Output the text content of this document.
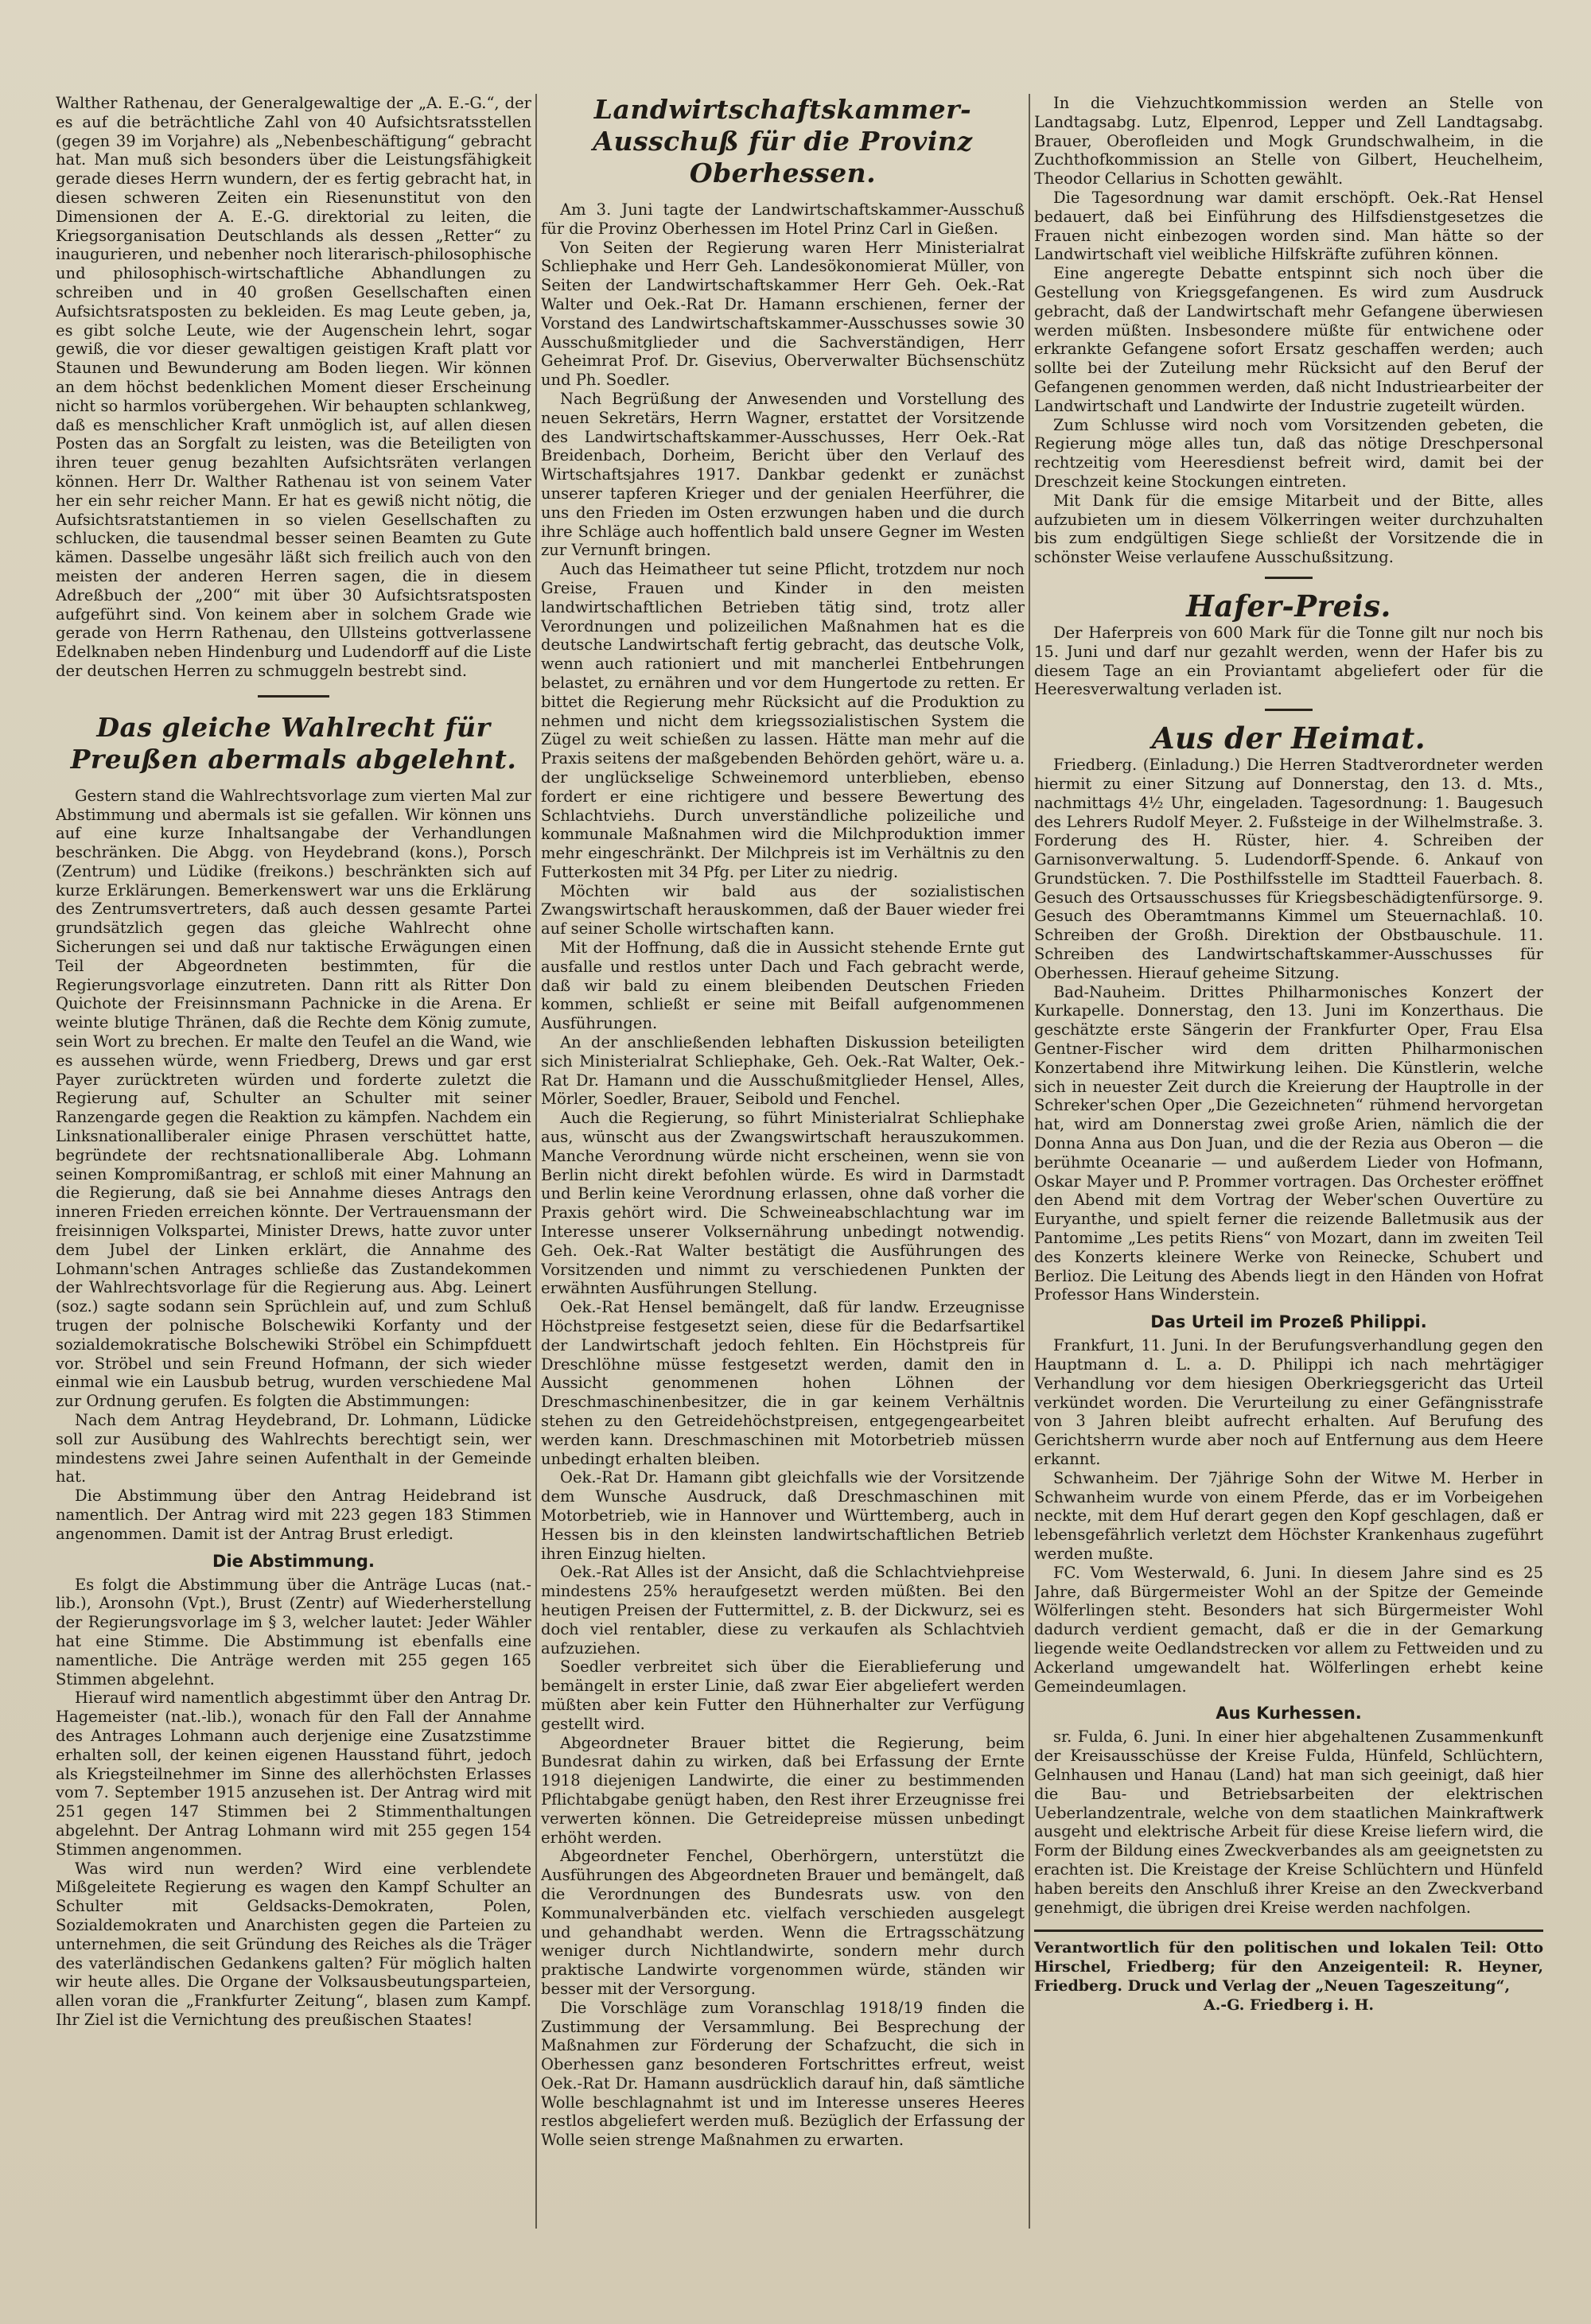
Walther Rathenau, der Generalgewaltige der „A. E.-G.“, der es auf die beträchtliche Zahl von 40 Aufsichtsratsstellen (gegen 39 im Vorjahre) als „Nebenbeschäftigung“ gebracht hat. Man muß sich besonders über die Leistungsfähigkeit gerade dieses Herrn wundern, der es fertig gebracht hat, in diesen schweren Zeiten ein Riesenunstitut von den Dimensionen der A. E.-G. direktorial zu leiten, die Kriegsorganisation Deutschlands als dessen „Retter“ zu inaugurieren, und nebenher noch literarisch-philosophische und philosophisch-wirtschaftliche Abhandlungen zu schreiben und in 40 großen Gesellschaften einen Aufsichtsratsposten zu bekleiden. Es mag Leute geben, ja, es gibt solche Leute, wie der Augenschein lehrt, sogar gewiß, die vor dieser gewaltigen geistigen Kraft platt vor Staunen und Bewunderung am Boden liegen. Wir können an dem höchst bedenklichen Moment dieser Erscheinung nicht so harmlos vorübergehen. Wir behaupten schlankweg, daß es menschlicher Kraft unmöglich ist, auf allen diesen Posten das an Sorgfalt zu leisten, was die Beteiligten von ihren teuer genug bezahlten Aufsichtsräten verlangen können. Herr Dr. Walther Rathenau ist von seinem Vater her ein sehr reicher Mann. Er hat es gewiß nicht nötig, die Aufsichtsratstantiemen in so vielen Gesellschaften zu schlucken, die tausendmal besser seinen Beamten zu Gute kämen. Dasselbe ungesähr läßt sich freilich auch von den meisten der anderen Herren sagen, die in diesem Adreßbuch der „200“ mit über 30 Aufsichtsratsposten aufgeführt sind. Von keinem aber in solchem Grade wie gerade von Herrn Rathenau, den Ullsteins gottverlassene Edelknaben neben Hindenburg und Ludendorff auf die Liste der deutschen Herren zu schmuggeln bestrebt sind.

Das gleiche Wahlrecht für Preußen abermals abgelehnt.

Gestern stand die Wahlrechtsvorlage zum vierten Mal zur Abstimmung und abermals ist sie gefallen. Wir können uns auf eine kurze Inhaltsangabe der Verhandlungen beschränken. Die Abgg. von Heydebrand (kons.), Porsch (Zentrum) und Lüdike (freikons.) beschränkten sich auf kurze Erklärungen. Bemerkenswert war uns die Erklärung des Zentrumsvertreters, daß auch dessen gesamte Partei grundsätzlich gegen das gleiche Wahlrecht ohne Sicherungen sei und daß nur taktische Erwägungen einen Teil der Abgeordneten bestimmten, für die Regierungsvorlage einzutreten. Dann ritt als Ritter Don Quichote der Freisinnsmann Pachnicke in die Arena. Er weinte blutige Thränen, daß die Rechte dem König zumute, sein Wort zu brechen. Er malte den Teufel an die Wand, wie es aussehen würde, wenn Friedberg, Drews und gar erst Payer zurücktreten würden und forderte zuletzt die Regierung auf, Schulter an Schulter mit seiner Ranzengarde gegen die Reaktion zu kämpfen. Nachdem ein Linksnationalliberaler einige Phrasen verschüttet hatte, begründete der rechtsnationalliberale Abg. Lohmann seinen Kompromißantrag, er schloß mit einer Mahnung an die Regierung, daß sie bei Annahme dieses Antrags den inneren Frieden erreichen könnte. Der Vertrauensmann der freisinnigen Volkspartei, Minister Drews, hatte zuvor unter dem Jubel der Linken erklärt, die Annahme des Lohmann'schen Antrages schließe das Zustandekommen der Wahlrechtsvorlage für die Regierung aus. Abg. Leinert (soz.) sagte sodann sein Sprüchlein auf, und zum Schluß trugen der polnische Bolschewiki Korfanty und der sozialdemokratische Bolschewiki Ströbel ein Schimpfduett vor. Ströbel und sein Freund Hofmann, der sich wieder einmal wie ein Lausbub betrug, wurden verschiedene Mal zur Ordnung gerufen. Es folgten die Abstimmungen:

Nach dem Antrag Heydebrand, Dr. Lohmann, Lüdicke soll zur Ausübung des Wahlrechts berechtigt sein, wer mindestens zwei Jahre seinen Aufenthalt in der Gemeinde hat.

Die Abstimmung über den Antrag Heidebrand ist namentlich. Der Antrag wird mit 223 gegen 183 Stimmen angenommen. Damit ist der Antrag Brust erledigt.

Die Abstimmung.

Es folgt die Abstimmung über die Anträge Lucas (nat.-lib.), Aronsohn (Vpt.), Brust (Zentr) auf Wiederherstellung der Regierungsvorlage im § 3, welcher lautet: Jeder Wähler hat eine Stimme. Die Abstimmung ist ebenfalls eine namentliche. Die Anträge werden mit 255 gegen 165 Stimmen abgelehnt.

Hierauf wird namentlich abgestimmt über den Antrag Dr. Hagemeister (nat.-lib.), wonach für den Fall der Annahme des Antrages Lohmann auch derjenige eine Zusatzstimme erhalten soll, der keinen eigenen Hausstand führt, jedoch als Kriegsteilnehmer im Sinne des allerhöchsten Erlasses vom 7. September 1915 anzusehen ist. Der Antrag wird mit 251 gegen 147 Stimmen bei 2 Stimmenthaltungen abgelehnt. Der Antrag Lohmann wird mit 255 gegen 154 Stimmen angenommen.

Was wird nun werden? Wird eine verblendete Mißgeleitete Regierung es wagen den Kampf Schulter an Schulter mit Geldsacks-Demokraten, Polen, Sozialdemokraten und Anarchisten gegen die Parteien zu unternehmen, die seit Gründung des Reiches als die Träger des vaterländischen Gedankens galten? Für möglich halten wir heute alles. Die Organe der Volksausbeutungsparteien, allen voran die „Frankfurter Zeitung“, blasen zum Kampf. Ihr Ziel ist die Vernichtung des preußischen Staates!

Landwirtschaftskammer-Ausschuß für die Provinz Oberhessen.

Am 3. Juni tagte der Landwirtschaftskammer-Ausschuß für die Provinz Oberhessen im Hotel Prinz Carl in Gießen.

Von Seiten der Regierung waren Herr Ministerialrat Schliephake und Herr Geh. Landesökonomierat Müller, von Seiten der Landwirtschaftskammer Herr Geh. Oek.-Rat Walter und Oek.-Rat Dr. Hamann erschienen, ferner der Vorstand des Landwirtschaftskammer-Ausschusses sowie 30 Ausschußmitglieder und die Sachverständigen, Herr Geheimrat Prof. Dr. Gisevius, Oberverwalter Büchsenschütz und Ph. Soedler.

Nach Begrüßung der Anwesenden und Vorstellung des neuen Sekretärs, Herrn Wagner, erstattet der Vorsitzende des Landwirtschaftskammer-Ausschusses, Herr Oek.-Rat Breidenbach, Dorheim, Bericht über den Verlauf des Wirtschaftsjahres 1917. Dankbar gedenkt er zunächst unserer tapferen Krieger und der genialen Heerführer, die uns den Frieden im Osten erzwungen haben und die durch ihre Schläge auch hoffentlich bald unsere Gegner im Westen zur Vernunft bringen.

Auch das Heimatheer tut seine Pflicht, trotzdem nur noch Greise, Frauen und Kinder in den meisten landwirtschaftlichen Betrieben tätig sind, trotz aller Verordnungen und polizeilichen Maßnahmen hat es die deutsche Landwirtschaft fertig gebracht, das deutsche Volk, wenn auch rationiert und mit mancherlei Entbehrungen belastet, zu ernähren und vor dem Hungertode zu retten. Er bittet die Regierung mehr Rücksicht auf die Produktion zu nehmen und nicht dem kriegssozialistischen System die Zügel zu weit schießen zu lassen. Hätte man mehr auf die Praxis seitens der maßgebenden Behörden gehört, wäre u. a. der unglückselige Schweinemord unterblieben, ebenso fordert er eine richtigere und bessere Bewertung des Schlachtviehs. Durch unverständliche polizeiliche und kommunale Maßnahmen wird die Milchproduktion immer mehr eingeschränkt. Der Milchpreis ist im Verhältnis zu den Futterkosten mit 34 Pfg. per Liter zu niedrig.

Möchten wir bald aus der sozialistischen Zwangswirtschaft herauskommen, daß der Bauer wieder frei auf seiner Scholle wirtschaften kann.

Mit der Hoffnung, daß die in Aussicht stehende Ernte gut ausfalle und restlos unter Dach und Fach gebracht werde, daß wir bald zu einem bleibenden Deutschen Frieden kommen, schließt er seine mit Beifall aufgenommenen Ausführungen.

An der anschließenden lebhaften Diskussion beteiligten sich Ministerialrat Schliephake, Geh. Oek.-Rat Walter, Oek.-Rat Dr. Hamann und die Ausschußmitglieder Hensel, Alles, Mörler, Soedler, Brauer, Seibold und Fenchel.

Auch die Regierung, so führt Ministerialrat Schliephake aus, wünscht aus der Zwangswirtschaft herauszukommen. Manche Verordnung würde nicht erscheinen, wenn sie von Berlin nicht direkt befohlen würde. Es wird in Darmstadt und Berlin keine Verordnung erlassen, ohne daß vorher die Praxis gehört wird. Die Schweineabschlachtung war im Interesse unserer Volksernährung unbedingt notwendig. Geh. Oek.-Rat Walter bestätigt die Ausführungen des Vorsitzenden und nimmt zu verschiedenen Punkten der erwähnten Ausführungen Stellung.

Oek.-Rat Hensel bemängelt, daß für landw. Erzeugnisse Höchstpreise festgesetzt seien, diese für die Bedarfsartikel der Landwirtschaft jedoch fehlten. Ein Höchstpreis für Dreschlöhne müsse festgesetzt werden, damit den in Aussicht genommenen hohen Löhnen der Dreschmaschinenbesitzer, die in gar keinem Verhältnis stehen zu den Getreidehöchstpreisen, entgegengearbeitet werden kann. Dreschmaschinen mit Motorbetrieb müssen unbedingt erhalten bleiben.

Oek.-Rat Dr. Hamann gibt gleichfalls wie der Vorsitzende dem Wunsche Ausdruck, daß Dreschmaschinen mit Motorbetrieb, wie in Hannover und Württemberg, auch in Hessen bis in den kleinsten landwirtschaftlichen Betrieb ihren Einzug hielten.

Oek.-Rat Alles ist der Ansicht, daß die Schlachtviehpreise mindestens 25% heraufgesetzt werden müßten. Bei den heutigen Preisen der Futtermittel, z. B. der Dickwurz, sei es doch viel rentabler, diese zu verkaufen als Schlachtvieh aufzuziehen.

Soedler verbreitet sich über die Eierablieferung und bemängelt in erster Linie, daß zwar Eier abgeliefert werden müßten aber kein Futter den Hühnerhalter zur Verfügung gestellt wird.

Abgeordneter Brauer bittet die Regierung, beim Bundesrat dahin zu wirken, daß bei Erfassung der Ernte 1918 diejenigen Landwirte, die einer zu bestimmenden Pflichtabgabe genügt haben, den Rest ihrer Erzeugnisse frei verwerten können. Die Getreidepreise müssen unbedingt erhöht werden.

Abgeordneter Fenchel, Oberhörgern, unterstützt die Ausführungen des Abgeordneten Brauer und bemängelt, daß die Verordnungen des Bundesrats usw. von den Kommunalverbänden etc. vielfach verschieden ausgelegt und gehandhabt werden. Wenn die Ertragsschätzung weniger durch Nichtlandwirte, sondern mehr durch praktische Landwirte vorgenommen würde, ständen wir besser mit der Versorgung.

Die Vorschläge zum Voranschlag 1918/19 finden die Zustimmung der Versammlung. Bei Besprechung der Maßnahmen zur Förderung der Schafzucht, die sich in Oberhessen ganz besonderen Fortschrittes erfreut, weist Oek.-Rat Dr. Hamann ausdrücklich darauf hin, daß sämtliche Wolle beschlagnahmt ist und im Interesse unseres Heeres restlos abgeliefert werden muß. Bezüglich der Erfassung der Wolle seien strenge Maßnahmen zu erwarten.

In die Viehzuchtkommission werden an Stelle von Landtagsabg. Lutz, Elpenrod, Lepper und Zell Landtagsabg. Brauer, Oberofleiden und Mogk Grundschwalheim, in die Zuchthofkommission an Stelle von Gilbert, Heuchelheim, Theodor Cellarius in Schotten gewählt.

Die Tagesordnung war damit erschöpft. Oek.-Rat Hensel bedauert, daß bei Einführung des Hilfsdienstgesetzes die Frauen nicht einbezogen worden sind. Man hätte so der Landwirtschaft viel weibliche Hilfskräfte zuführen können.

Eine angeregte Debatte entspinnt sich noch über die Gestellung von Kriegsgefangenen. Es wird zum Ausdruck gebracht, daß der Landwirtschaft mehr Gefangene überwiesen werden müßten. Insbesondere müßte für entwichene oder erkrankte Gefangene sofort Ersatz geschaffen werden; auch sollte bei der Zuteilung mehr Rücksicht auf den Beruf der Gefangenen genommen werden, daß nicht Industriearbeiter der Landwirtschaft und Landwirte der Industrie zugeteilt würden.

Zum Schlusse wird noch vom Vorsitzenden gebeten, die Regierung möge alles tun, daß das nötige Dreschpersonal rechtzeitig vom Heeresdienst befreit wird, damit bei der Dreschzeit keine Stockungen eintreten.

Mit Dank für die emsige Mitarbeit und der Bitte, alles aufzubieten um in diesem Völkerringen weiter durchzuhalten bis zum endgültigen Siege schließt der Vorsitzende die in schönster Weise verlaufene Ausschußsitzung.

Hafer-Preis.

Der Haferpreis von 600 Mark für die Tonne gilt nur noch bis 15. Juni und darf nur gezahlt werden, wenn der Hafer bis zu diesem Tage an ein Proviantamt abgeliefert oder für die Heeresverwaltung verladen ist.

Aus der Heimat.

Friedberg. (Einladung.) Die Herren Stadtverordneter werden hiermit zu einer Sitzung auf Donnerstag, den 13. d. Mts., nachmittags 4½ Uhr, eingeladen. Tagesordnung: 1. Baugesuch des Lehrers Rudolf Meyer. 2. Fußsteige in der Wilhelmstraße. 3. Forderung des H. Rüster, hier. 4. Schreiben der Garnisonverwaltung. 5. Ludendorff-Spende. 6. Ankauf von Grundstücken. 7. Die Posthilfsstelle im Stadtteil Fauerbach. 8. Gesuch des Ortsausschusses für Kriegsbeschädigtenfürsorge. 9. Gesuch des Oberamtmanns Kimmel um Steuernachlaß. 10. Schreiben der Großh. Direktion der Obstbauschule. 11. Schreiben des Landwirtschaftskammer-Ausschusses für Oberhessen. Hierauf geheime Sitzung.

Bad-Nauheim. Drittes Philharmonisches Konzert der Kurkapelle. Donnerstag, den 13. Juni im Konzerthaus. Die geschätzte erste Sängerin der Frankfurter Oper, Frau Elsa Gentner-Fischer wird dem dritten Philharmonischen Konzertabend ihre Mitwirkung leihen. Die Künstlerin, welche sich in neuester Zeit durch die Kreierung der Hauptrolle in der Schreker'schen Oper „Die Gezeichneten“ rühmend hervorgetan hat, wird am Donnerstag zwei große Arien, nämlich die der Donna Anna aus Don Juan, und die der Rezia aus Oberon — die berühmte Oceanarie — und außerdem Lieder von Hofmann, Oskar Mayer und P. Prommer vortragen. Das Orchester eröffnet den Abend mit dem Vortrag der Weber'schen Ouvertüre zu Euryanthe, und spielt ferner die reizende Balletmusik aus der Pantomime „Les petits Riens“ von Mozart, dann im zweiten Teil des Konzerts kleinere Werke von Reinecke, Schubert und Berlioz. Die Leitung des Abends liegt in den Händen von Hofrat Professor Hans Winderstein.

Das Urteil im Prozeß Philippi.

Frankfurt, 11. Juni. In der Berufungsverhandlung gegen den Hauptmann d. L. a. D. Philippi ich nach mehrtägiger Verhandlung vor dem hiesigen Oberkriegsgericht das Urteil verkündet worden. Die Verurteilung zu einer Gefängnisstrafe von 3 Jahren bleibt aufrecht erhalten. Auf Berufung des Gerichtsherrn wurde aber noch auf Entfernung aus dem Heere erkannt.

Schwanheim. Der 7jährige Sohn der Witwe M. Herber in Schwanheim wurde von einem Pferde, das er im Vorbeigehen neckte, mit dem Huf derart gegen den Kopf geschlagen, daß er lebensgefährlich verletzt dem Höchster Krankenhaus zugeführt werden mußte.

FC. Vom Westerwald, 6. Juni. In diesem Jahre sind es 25 Jahre, daß Bürgermeister Wohl an der Spitze der Gemeinde Wölferlingen steht. Besonders hat sich Bürgermeister Wohl dadurch verdient gemacht, daß er die in der Gemarkung liegende weite Oedlandstrecken vor allem zu Fettweiden und zu Ackerland umgewandelt hat. Wölferlingen erhebt keine Gemeindeumlagen.

Aus Kurhessen.

sr. Fulda, 6. Juni. In einer hier abgehaltenen Zusammenkunft der Kreisausschüsse der Kreise Fulda, Hünfeld, Schlüchtern, Gelnhausen und Hanau (Land) hat man sich geeinigt, daß hier die Bau- und Betriebsarbeiten der elektrischen Ueberlandzentrale, welche von dem staatlichen Mainkraftwerk ausgeht und elektrische Arbeit für diese Kreise liefern wird, die Form der Bildung eines Zweckverbandes als am geeignetsten zu erachten ist. Die Kreistage der Kreise Schlüchtern und Hünfeld haben bereits den Anschluß ihrer Kreise an den Zweckverband genehmigt, die übrigen drei Kreise werden nachfolgen.

Verantwortlich für den politischen und lokalen Teil: Otto Hirschel, Friedberg; für den Anzeigenteil: R. Heyner, Friedberg. Druck und Verlag der „Neuen Tageszeitung“,
A.-G. Friedberg i. H.
